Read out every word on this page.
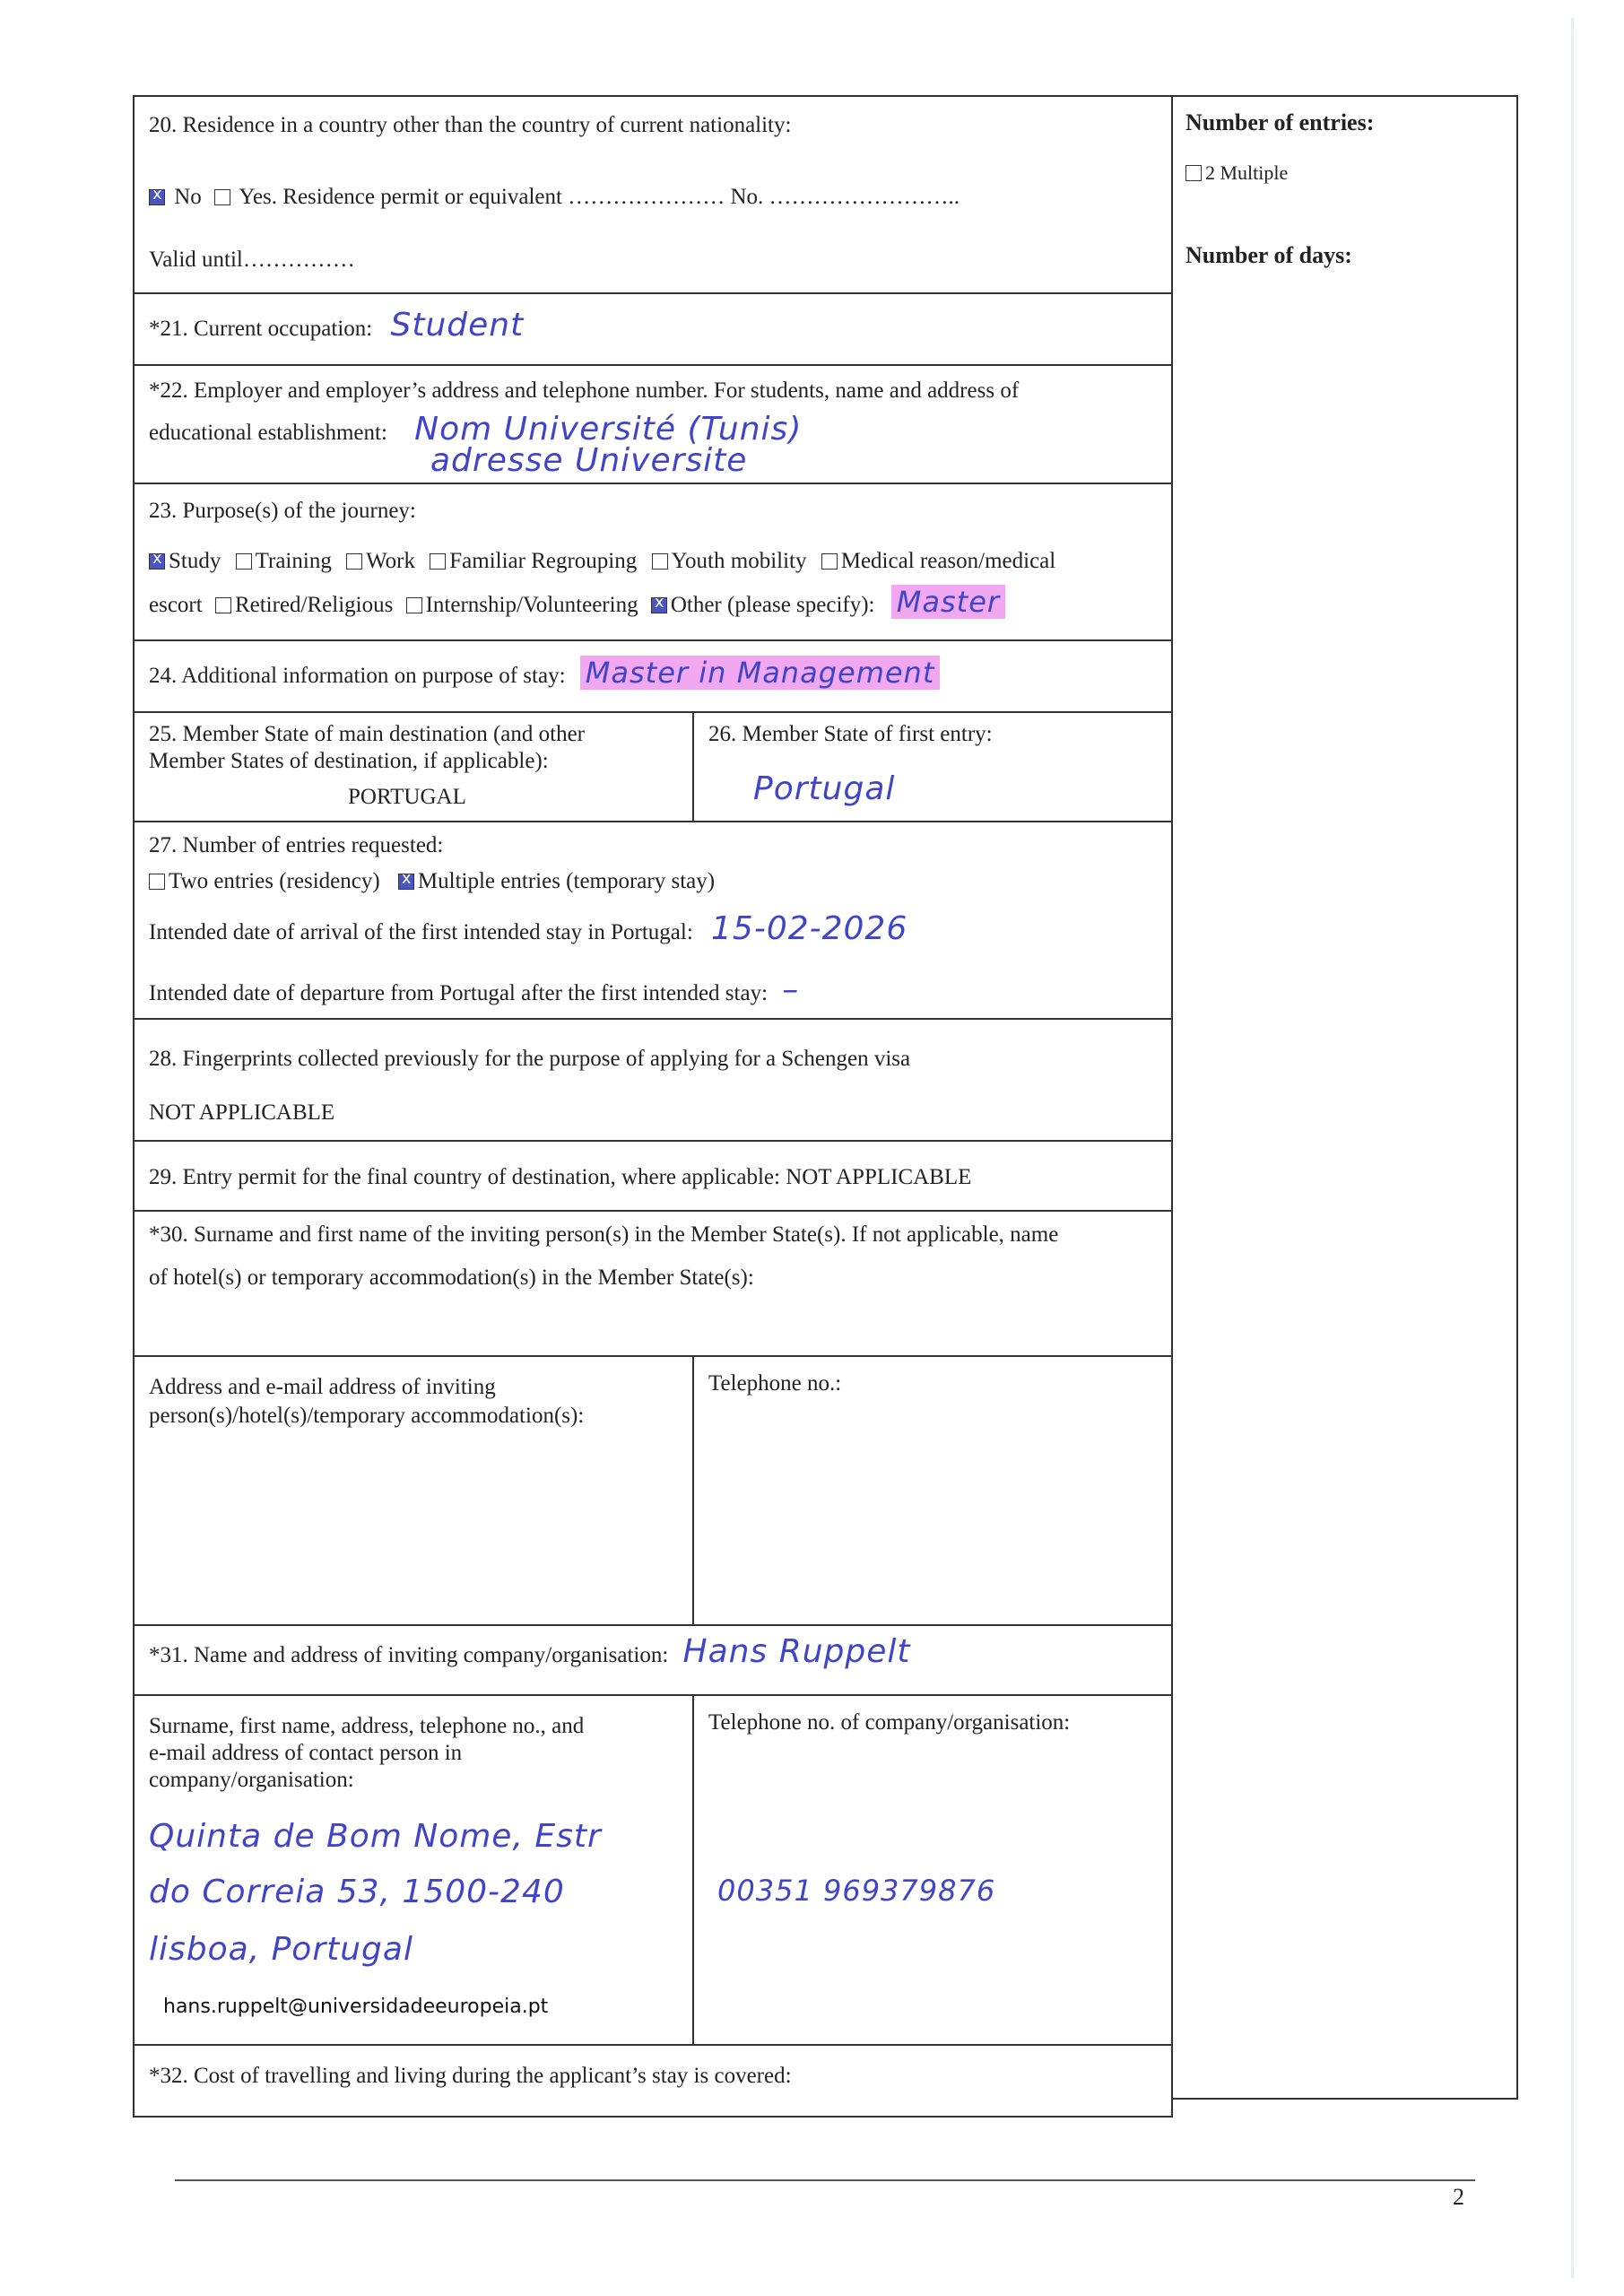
20. Residence in a country other than the country of current nationality:

x No Yes. Residence permit or equivalent ………………… No. ……………………..

Valid until……………

*21. Current occupation: Student

*22. Employer and employer’s address and telephone number. For students, name and address of

educational establishment: Nom Université (Tunis)

adresse Universite

23. Purpose(s) of the journey:

xStudy Training Work Familiar Regrouping Youth mobility Medical reason/medical

escort Retired/Religious Internship/Volunteering x Other (please specify): Master

24. Additional information on purpose of stay: Master in Management

25. Member State of main destination (and other

Member States of destination, if applicable):

PORTUGAL

26. Member State of first entry:

Portugal

27. Number of entries requested:

Two entries (residency) x Multiple entries (temporary stay)

Intended date of arrival of the first intended stay in Portugal: 15-02-2026

Intended date of departure from Portugal after the first intended stay: –

28. Fingerprints collected previously for the purpose of applying for a Schengen visa

NOT APPLICABLE

29. Entry permit for the final country of destination, where applicable: NOT APPLICABLE

*30. Surname and first name of the inviting person(s) in the Member State(s). If not applicable, name

of hotel(s) or temporary accommodation(s) in the Member State(s):

Address and e-mail address of inviting

person(s)/hotel(s)/temporary accommodation(s):

Telephone no.:

*31. Name and address of inviting company/organisation: Hans Ruppelt

Surname, first name, address, telephone no., and

e-mail address of contact person in

company/organisation:

Quinta de Bom Nome, Estr

do Correia 53, 1500-240

lisboa, Portugal

hans.ruppelt@universidadeeuropeia.pt

Telephone no. of company/organisation:

00351 969379876

*32. Cost of travelling and living during the applicant’s stay is covered:

Number of entries:
2 Multiple
Number of days:
2
